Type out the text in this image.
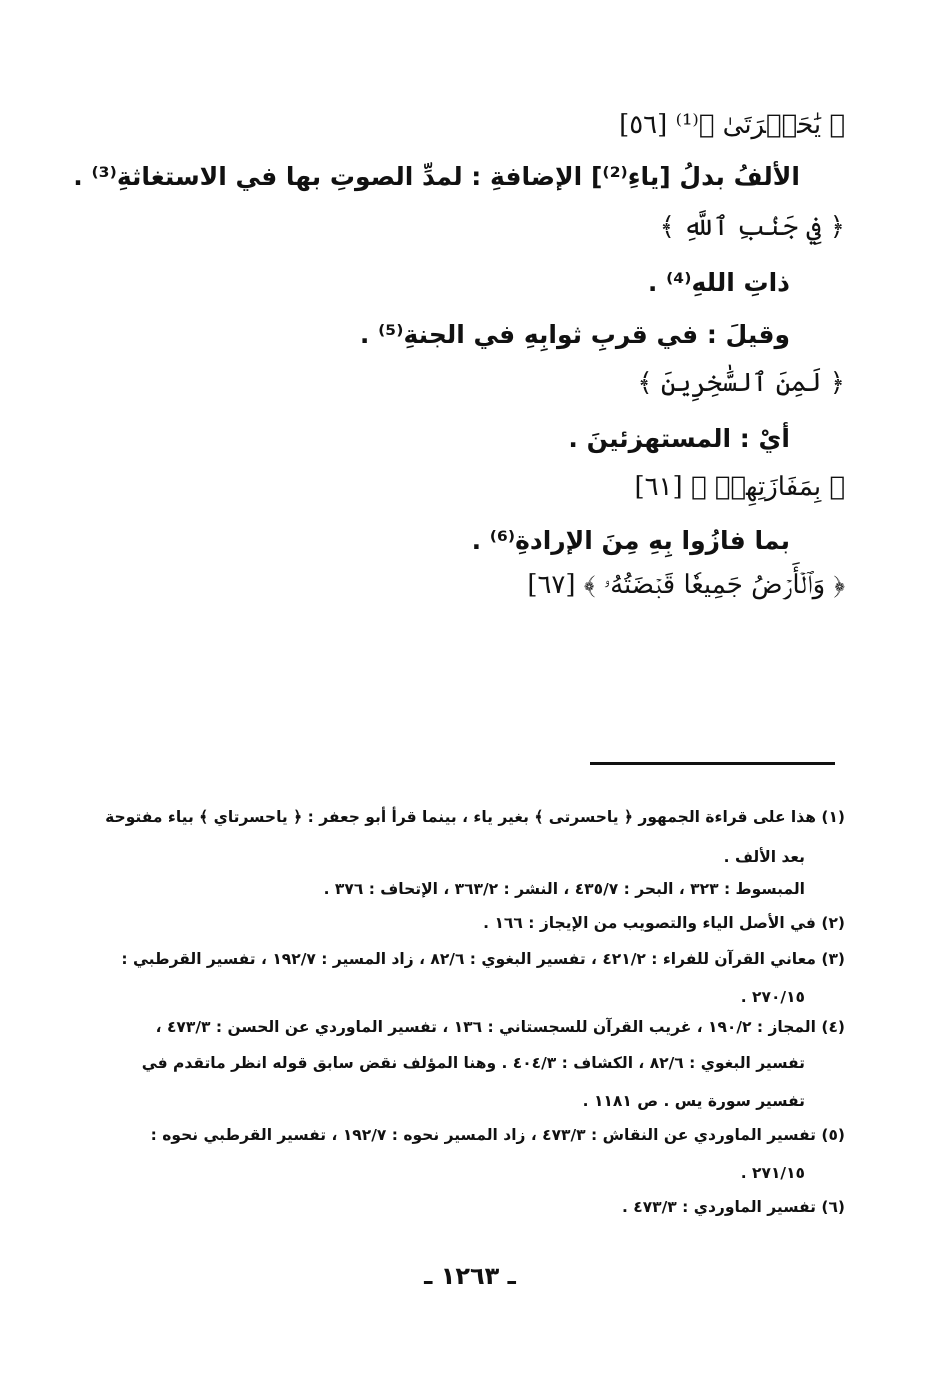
﴿ يَٰحَسۡرَتَىٰ ﴾⁽¹⁾ [٥٦]
الألفُ بدلُ [ياءِ⁽²⁾] الإضافةِ : لمدِّ الصوتِ بها في الاستغاثةِ⁽³⁾ .
﴿ فِي جَنۢبِ ٱللَّهِ ﴾
ذاتِ اللهِ⁽⁴⁾ .
وقيلَ : في قربِ ثوابِهِ في الجنةِ⁽⁵⁾ .
﴿ لَمِنَ ٱلسَّٰخِرِينَ ﴾
أيْ : المستهزئينَ .
﴿ بِمَفَازَتِهِمۡ ﴾ [٦١]
بما فازُوا بِهِ مِنَ الإرادةِ⁽⁶⁾ .
﴿ وَٱلۡأَرۡضُ جَمِيعٗا قَبۡضَتُهُۥ ﴾ [٦٧]
(١) هذا على قراءة الجمهور ﴿ ياحسرتى ﴾ بغير ياء ، بينما قرأ أبو جعفر : ﴿ ياحسرتاي ﴾ بياء مفتوحة
بعد الألف .
المبسوط : ٣٢٣ ، البحر : ٤٣٥/٧ ، النشر : ٣٦٣/٢ ، الإتحاف : ٣٧٦ .
(٢) في الأصل الياء والتصويب من الإيجاز : ١٦٦ .
(٣) معاني القرآن للفراء : ٤٢١/٢ ، تفسير البغوي : ٨٢/٦ ، زاد المسير : ١٩٢/٧ ، تفسير القرطبي :
٢٧٠/١٥ .
(٤) المجاز : ١٩٠/٢ ، غريب القرآن للسجستاني : ١٣٦ ، تفسير الماوردي عن الحسن : ٤٧٣/٣ ،
تفسير البغوي : ٨٢/٦ ، الكشاف : ٤٠٤/٣ . وهنا المؤلف نقض سابق قوله انظر ماتقدم في
تفسير سورة يس . ص ١١٨١ .
(٥) تفسير الماوردي عن النقاش : ٤٧٣/٣ ، زاد المسير نحوه : ١٩٢/٧ ، تفسير القرطبي نحوه :
٢٧١/١٥ .
(٦) تفسير الماوردي : ٤٧٣/٣ .
ـ ١٢٦٣ ـ
